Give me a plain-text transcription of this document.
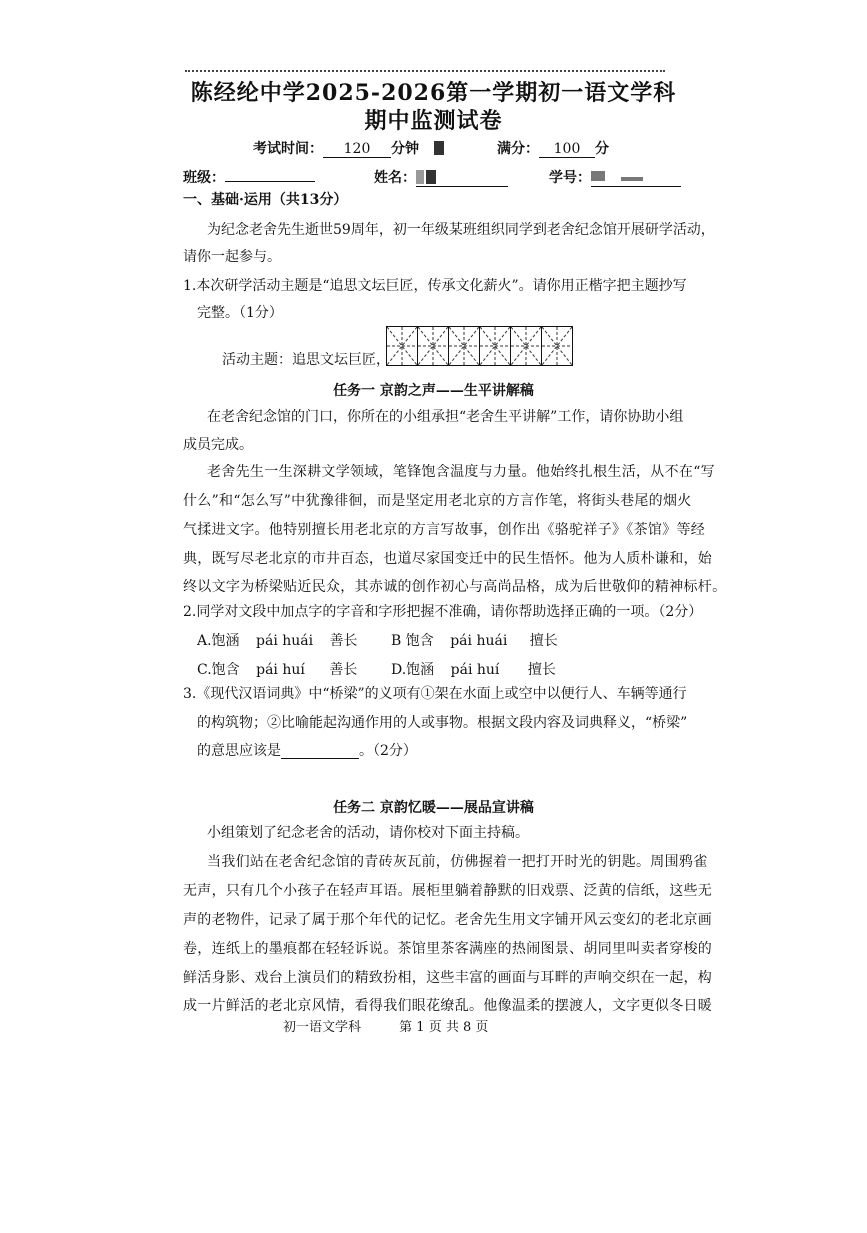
陈经纶中学2025-2026第一学期初一语文学科
期中监测试卷
考试时间： 120 分钟	满分： 100 分
班级：	姓名：	学号：
一、基础·运用（共13分）
为纪念老舍先生逝世59周年，初一年级某班组织同学到老舍纪念馆开展研学活动，
请你一起参与。
1.本次研学活动主题是“追思文坛巨匠，传承文化薪火”。请你用正楷字把主题抄写
完整。（1分）
活动主题：追思文坛巨匠，
任务一 京韵之声——生平讲解稿
在老舍纪念馆的门口，你所在的小组承担“老舍生平讲解”工作，请你协助小组
成员完成。
老舍先生一生深耕文学领域，笔锋饱含温度与力量。他始终扎根生活，从不在“写
什么”和“怎么写”中犹豫徘徊，而是坚定用老北京的方言作笔，将街头巷尾的烟火
气揉进文字。他特别擅长用老北京的方言写故事，创作出《骆驼祥子》《茶馆》等经
典，既写尽老北京的市井百态，也道尽家国变迁中的民生悟怀。他为人质朴谦和，始
终以文字为桥梁贴近民众，其赤诚的创作初心与高尚品格，成为后世敬仰的精神标杆。
2.同学对文段中加点字的字音和字形把握不准确，请你帮助选择正确的一项。（2分）
A.饱涵 pái huái 善长 B 饱含 pái huái 擅长
C.饱含 pái huí 善长 D.饱涵 pái huí 擅长
3.《现代汉语词典》中“桥梁”的义项有①架在水面上或空中以便行人、车辆等通行
的构筑物；②比喻能起沟通作用的人或事物。根据文段内容及词典释义，“桥梁”
的意思应该是	。（2分）
任务二 京韵忆暖——展品宣讲稿
小组策划了纪念老舍的活动，请你校对下面主持稿。
当我们站在老舍纪念馆的青砖灰瓦前，仿佛握着一把打开时光的钥匙。周围鸦雀
无声，只有几个小孩子在轻声耳语。展柜里躺着静默的旧戏票、泛黄的信纸，这些无
声的老物件，记录了属于那个年代的记忆。老舍先生用文字铺开风云变幻的老北京画
卷，连纸上的墨痕都在轻轻诉说。茶馆里茶客满座的热闹图景、胡同里叫卖者穿梭的
鲜活身影、戏台上演员们的精致扮相，这些丰富的画面与耳畔的声响交织在一起，构
成一片鲜活的老北京风情，看得我们眼花缭乱。他像温柔的摆渡人，文字更似冬日暖
初一语文学科	第 1 页 共 8 页
